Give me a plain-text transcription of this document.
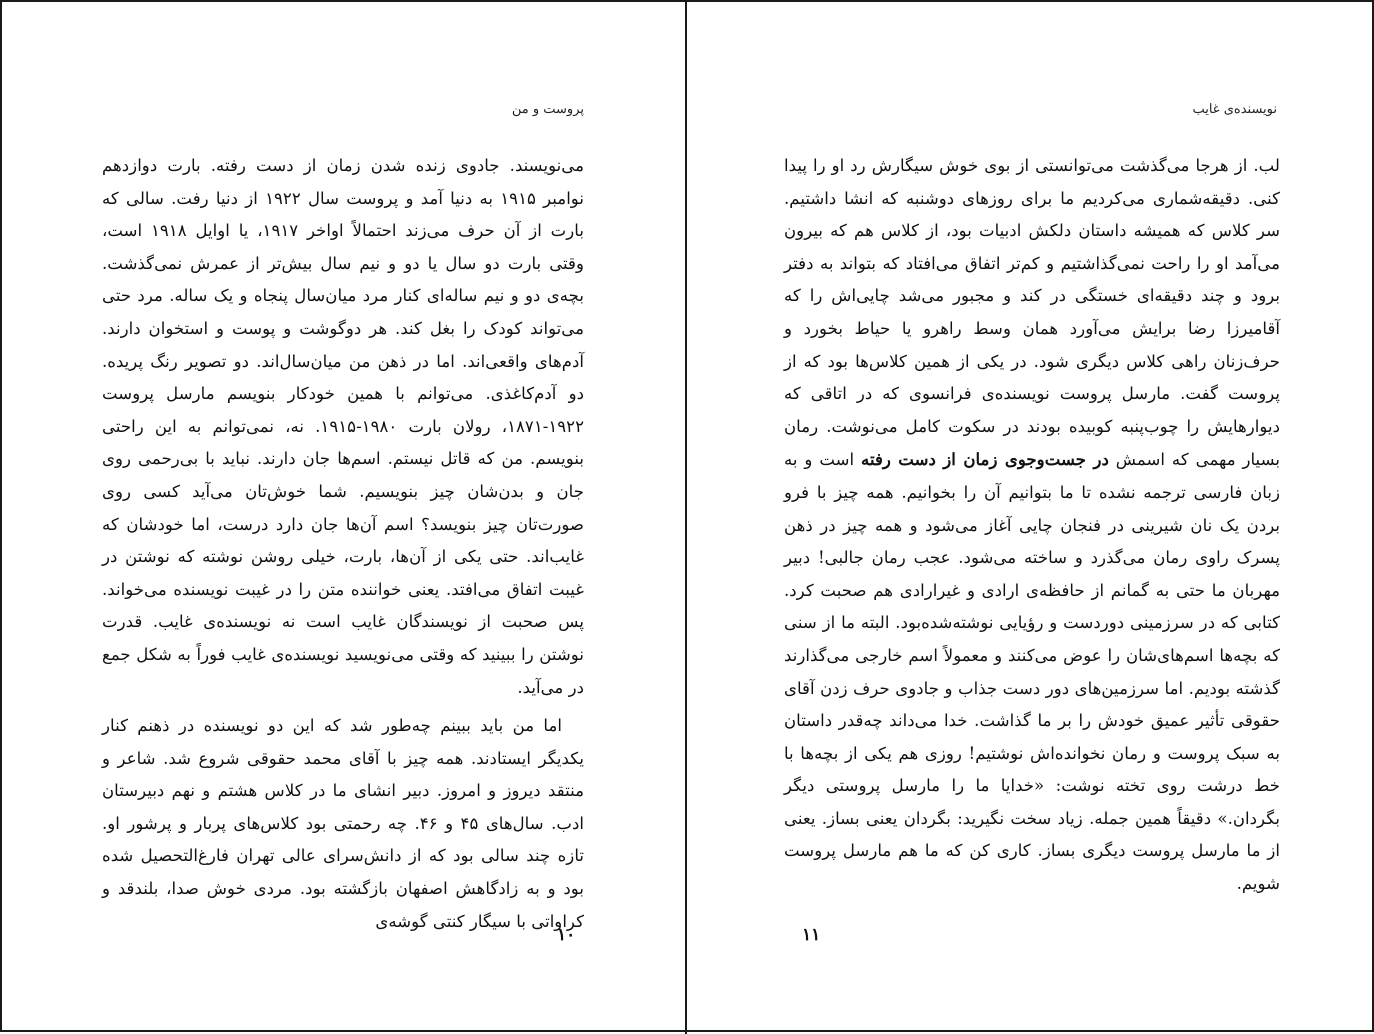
پروست و من

می‌نویسند. جادوی زنده شدن زمان از دست رفته. بارت دوازدهم نوامبر ۱۹۱۵ به دنیا آمد و پروست سال ۱۹۲۲ از دنیا رفت. سالی که بارت از آن حرف می‌زند احتمالاً اواخر ۱۹۱۷، یا اوایل ۱۹۱۸ است، وقتی بارت دو سال یا دو و نیم سال بیش‌تر از عمرش نمی‌گذشت. بچه‌ی دو و نیم ساله‌ای کنار مرد میان‌سال پنجاه و یک ساله. مرد حتی می‌تواند کودک را بغل کند. هر دوگوشت و پوست و استخوان دارند. آدم‌های واقعی‌اند. اما در ذهن من میان‌سال‌اند. دو تصویر رنگ پریده. دو آدم‌کاغذی. می‌توانم با همین خودکار بنویسم مارسل پروست ۱۹۲۲-۱۸۷۱، رولان بارت ۱۹۸۰-۱۹۱۵. نه، نمی‌توانم به این راحتی بنویسم. من که قاتل نیستم. اسم‌ها جان دارند. نباید با بی‌رحمی روی جان و بدن‌شان چیز بنویسیم. شما خوش‌تان می‌آید کسی روی صورت‌تان چیز بنویسد؟ اسم آن‌ها جان دارد درست، اما خودشان که غایب‌اند. حتی یکی از آن‌ها، بارت، خیلی روشن نوشته که نوشتن در غیبت اتفاق می‌افتد. یعنی خواننده متن را در غیبت نویسنده می‌خواند. پس صحبت از نویسندگان غایب است نه نویسنده‌ی غایب. قدرت نوشتن را ببینید که وقتی می‌نویسید نویسنده‌ی غایب فوراً به شکل جمع در می‌آید.

اما من باید ببینم چه‌طور شد که این دو نویسنده در ذهنم کنار یکدیگر ایستادند. همه چیز با آقای محمد حقوقی شروع شد. شاعر و منتقد دیروز و امروز. دبیر انشای ما در کلاس هشتم و نهم دبیرستان ادب. سال‌های ۴۵ و ۴۶. چه رحمتی بود کلاس‌های پربار و پرشور او. تازه چند سالی بود که از دانش‌سرای عالی تهران فارغ‌التحصیل شده بود و به زادگاهش اصفهان بازگشته بود. مردی خوش صدا، بلندقد و کراواتی با سیگار کنتی گوشه‌ی

۱۰

نویسنده‌ی غایب

لب. از هرجا می‌گذشت می‌توانستی از بوی خوش سیگارش رد او را پیدا کنی. دقیقه‌شماری می‌کردیم ما برای روزهای دوشنبه که انشا داشتیم. سر کلاس که همیشه داستان دلکش ادبیات بود، از کلاس هم که بیرون می‌آمد او را راحت نمی‌گذاشتیم و کم‌تر اتفاق می‌افتاد که بتواند به دفتر برود و چند دقیقه‌ای خستگی در کند و مجبور می‌شد چایی‌اش را که آقامیرزا رضا برایش می‌آورد همان وسط راهرو یا حیاط بخورد و حرف‌زنان راهی کلاس دیگری شود. در یکی از همین کلاس‌ها بود که از پروست گفت. مارسل پروست نویسنده‌ی فرانسوی که در اتاقی که دیوارهایش را چوب‌پنبه کوبیده بودند در سکوت کامل می‌نوشت. رمان بسیار مهمی که اسمش در جست‌وجوی زمان از دست رفته است و به زبان فارسی ترجمه نشده تا ما بتوانیم آن را بخوانیم. همه چیز با فرو بردن یک نان شیرینی در فنجان چایی آغاز می‌شود و همه چیز در ذهن پسرک راوی رمان می‌گذرد و ساخته می‌شود. عجب رمان جالبی! دبیر مهربان ما حتی به گمانم از حافظه‌ی ارادی و غیرارادی هم صحبت کرد. کتابی که در سرزمینی دوردست و رؤیایی نوشته‌شده‌بود. البته ما از سنی که بچه‌ها اسم‌های‌شان را عوض می‌کنند و معمولاً اسم خارجی می‌گذارند گذشته بودیم. اما سرزمین‌های دور دست جذاب و جادوی حرف زدن آقای حقوقی تأثیر عمیق خودش را بر ما گذاشت. خدا می‌داند چه‌قدر داستان به سبک پروست و رمان نخوانده‌اش نوشتیم! روزی هم یکی از بچه‌ها با خط درشت روی تخته نوشت: «خدایا ما را مارسل پروستی دیگر بگردان.» دقیقاً همین جمله. زیاد سخت نگیرید: بگردان یعنی بساز. یعنی از ما مارسل پروست دیگری بساز. کاری کن که ما هم مارسل پروست شویم.

۱۱
